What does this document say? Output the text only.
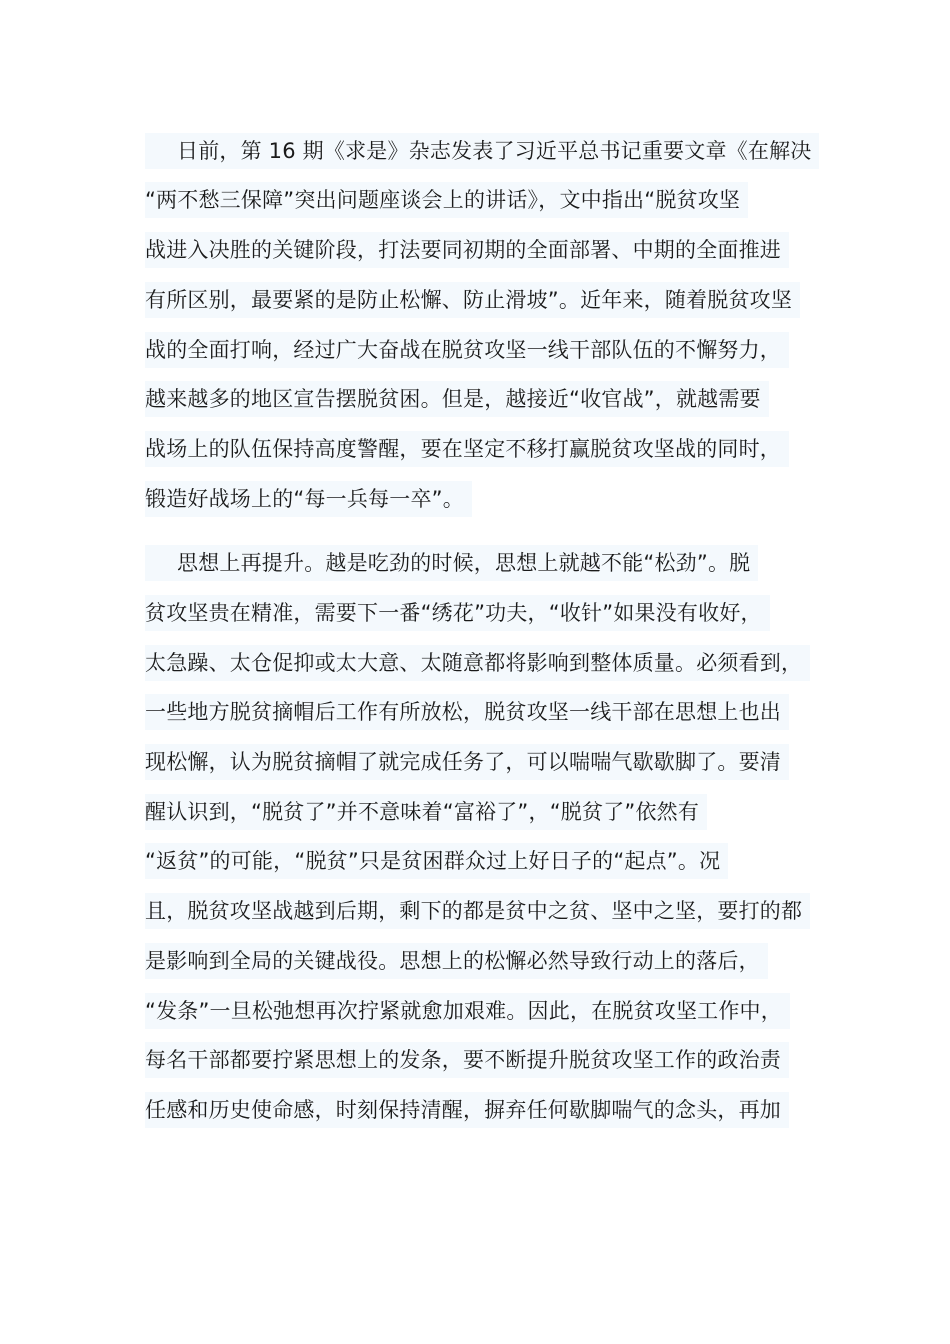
日前，第 16 期《求是》杂志发表了习近平总书记重要文章《在解决
“两不愁三保障”突出问题座谈会上的讲话》，文中指出“脱贫攻坚
战进入决胜的关键阶段，打法要同初期的全面部署、中期的全面推进
有所区别，最要紧的是防止松懈、防止滑坡”。近年来，随着脱贫攻坚
战的全面打响，经过广大奋战在脱贫攻坚一线干部队伍的不懈努力，
越来越多的地区宣告摆脱贫困。但是，越接近“收官战”，就越需要
战场上的队伍保持高度警醒，要在坚定不移打赢脱贫攻坚战的同时，
锻造好战场上的“每一兵每一卒”。
思想上再提升。越是吃劲的时候，思想上就越不能“松劲”。脱
贫攻坚贵在精准，需要下一番“绣花”功夫，“收针”如果没有收好，
太急躁、太仓促抑或太大意、太随意都将影响到整体质量。必须看到，
一些地方脱贫摘帽后工作有所放松，脱贫攻坚一线干部在思想上也出
现松懈，认为脱贫摘帽了就完成任务了，可以喘喘气歇歇脚了。要清
醒认识到，“脱贫了”并不意味着“富裕了”，“脱贫了”依然有
“返贫”的可能，“脱贫”只是贫困群众过上好日子的“起点”。况
且，脱贫攻坚战越到后期，剩下的都是贫中之贫、坚中之坚，要打的都
是影响到全局的关键战役。思想上的松懈必然导致行动上的落后，
“发条”一旦松弛想再次拧紧就愈加艰难。因此，在脱贫攻坚工作中，
每名干部都要拧紧思想上的发条，要不断提升脱贫攻坚工作的政治责
任感和历史使命感，时刻保持清醒，摒弃任何歇脚喘气的念头，再加
